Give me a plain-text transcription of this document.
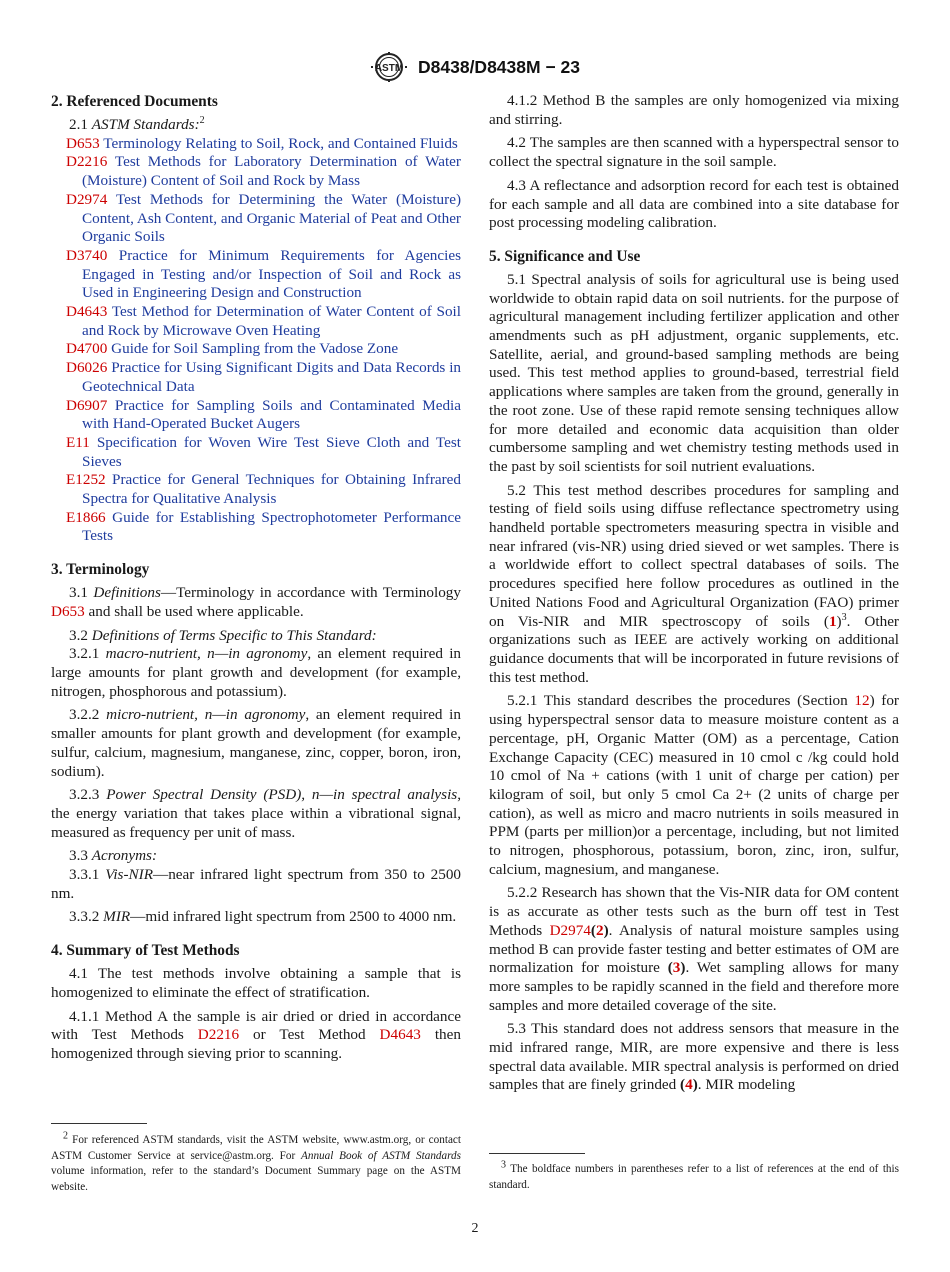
ASTM D8438/D8438M − 23
2. Referenced Documents

2.1 ASTM Standards:$^2$

D653 Terminology Relating to Soil, Rock, and Contained Fluids

D2216 Test Methods for Laboratory Determination of Water (Moisture) Content of Soil and Rock by Mass

D2974 Test Methods for Determining the Water (Moisture) Content, Ash Content, and Organic Material of Peat and Other Organic Soils

D3740 Practice for Minimum Requirements for Agencies Engaged in Testing and/or Inspection of Soil and Rock as Used in Engineering Design and Construction

D4643 Test Method for Determination of Water Content of Soil and Rock by Microwave Oven Heating

D4700 Guide for Soil Sampling from the Vadose Zone

D6026 Practice for Using Significant Digits and Data Records in Geotechnical Data

D6907 Practice for Sampling Soils and Contaminated Media with Hand-Operated Bucket Augers

E11 Specification for Woven Wire Test Sieve Cloth and Test Sieves

E1252 Practice for General Techniques for Obtaining Infrared Spectra for Qualitative Analysis

E1866 Guide for Establishing Spectrophotometer Performance Tests

3. Terminology

3.1 Definitions—Terminology in accordance with Terminology D653 and shall be used where applicable.

3.2 Definitions of Terms Specific to This Standard:

3.2.1 macro-nutrient, n—in agronomy, an element required in large amounts for plant growth and development (for example, nitrogen, phosphorous and potassium).

3.2.2 micro-nutrient, n—in agronomy, an element required in smaller amounts for plant growth and development (for example, sulfur, calcium, magnesium, manganese, zinc, copper, boron, iron, sodium).

3.2.3 Power Spectral Density (PSD), n—in spectral analysis, the energy variation that takes place within a vibrational signal, measured as frequency per unit of mass.

3.3 Acronyms:

3.3.1 Vis-NIR—near infrared light spectrum from 350 to 2500 nm.

3.3.2 MIR—mid infrared light spectrum from 2500 to 4000 nm.

4. Summary of Test Methods

4.1 The test methods involve obtaining a sample that is homogenized to eliminate the effect of stratification.

4.1.1 Method A the sample is air dried or dried in accordance with Test Methods D2216 or Test Method D4643 then homogenized through sieving prior to scanning.

4.1.2 Method B the samples are only homogenized via mixing and stirring.

4.2 The samples are then scanned with a hyperspectral sensor to collect the spectral signature in the soil sample.

4.3 A reflectance and adsorption record for each test is obtained for each sample and all data are combined into a site database for post processing modeling calibration.

5. Significance and Use

5.1 Spectral analysis of soils for agricultural use is being used worldwide to obtain rapid data on soil nutrients. for the purpose of agricultural management including fertilizer application and other amendments such as pH adjustment, organic supplements, etc. Satellite, aerial, and ground-based sampling methods are being used. This test method applies to ground-based, terrestrial field applications where samples are taken from the ground, generally in the root zone. Use of these rapid remote sensing techniques allow for more detailed and economic data acquisition than older cumbersome sampling and wet chemistry testing methods used in the past by soil scientists for soil nutrient evaluations.

5.2 This test method describes procedures for sampling and testing of field soils using diffuse reflectance spectrometry using handheld portable spectrometers measuring spectra in visible and near infrared (vis-NR) using dried sieved or wet samples. There is a worldwide effort to collect spectral databases of soils. The procedures specified here follow procedures as outlined in the United Nations Food and Agricultural Organization (FAO) primer on Vis-NIR and MIR spectroscopy of soils $(1)^3$. Other organizations such as IEEE are actively working on additional guidance documents that will be incorporated in future revisions of this test method.

5.2.1 This standard describes the procedures (Section 12) for using hyperspectral sensor data to measure moisture content as a percentage, pH, Organic Matter (OM) as a percentage, Cation Exchange Capacity (CEC) measured in 10 cmol c /kg could hold 10 cmol of Na + cations (with 1 unit of charge per cation) per kilogram of soil, but only 5 cmol Ca 2+ (2 units of charge per cation), as well as micro and macro nutrients in soils measured in PPM (parts per million)or a percentage, including, but not limited to nitrogen, phosphorous, potassium, boron, zinc, iron, sulfur, calcium, magnesium, and manganese.

5.2.2 Research has shown that the Vis-NIR data for OM content is as accurate as other tests such as the burn off test in Test Methods D2974(2). Analysis of natural moisture samples using method B can provide faster testing and better estimates of OM are normalization for moisture (3). Wet sampling allows for many more samples to be rapidly scanned in the field and therefore more samples and more detailed coverage of the site.

5.3 This standard does not address sensors that measure in the mid infrared range, MIR, are more expensive and there is less spectral data available. MIR spectral analysis is performed on dried samples that are finely grinded (4). MIR modeling

$^2$ For referenced ASTM standards, visit the ASTM website, www.astm.org, or contact ASTM Customer Service at service@astm.org. For Annual Book of ASTM Standards volume information, refer to the standard’s Document Summary page on the ASTM website.
$^3$ The boldface numbers in parentheses refer to a list of references at the end of this standard.
2
